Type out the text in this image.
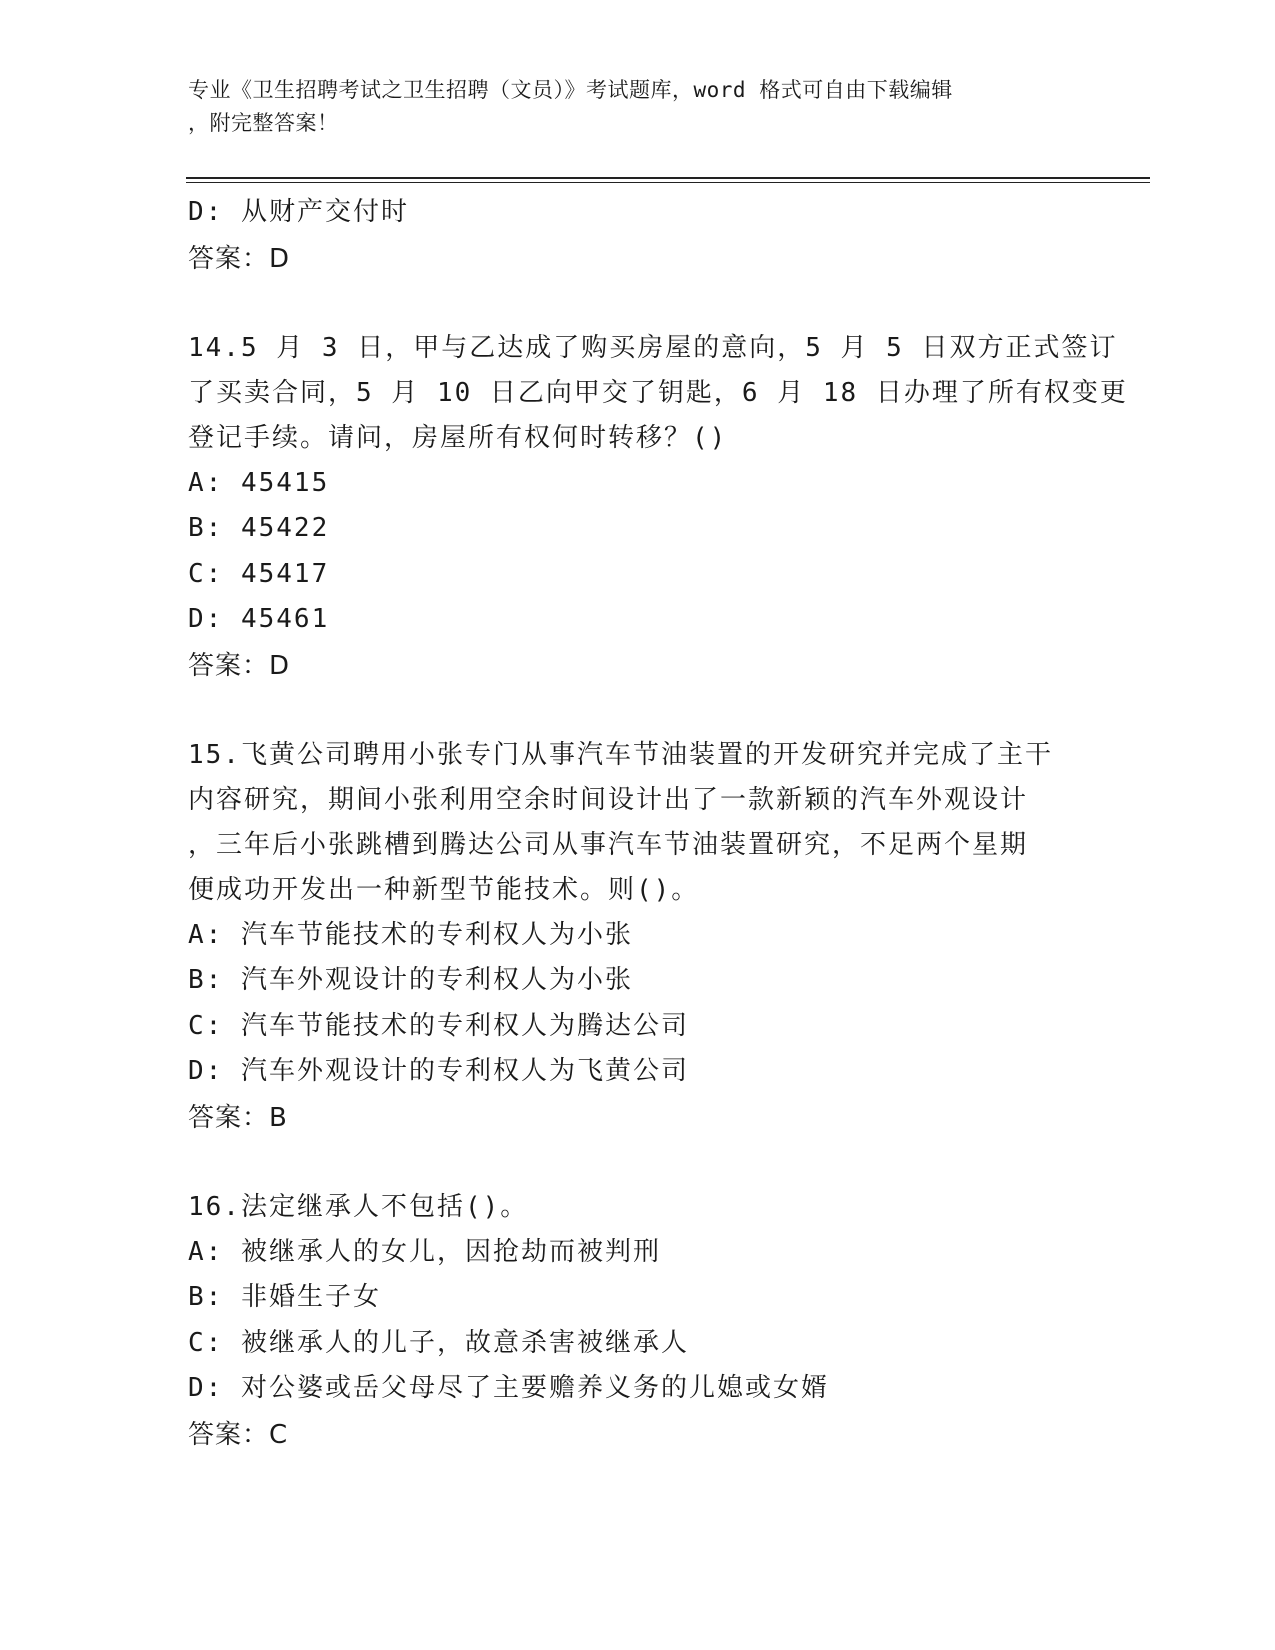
专业《卫生招聘考试之卫生招聘（文员）》考试题库，word 格式可自由下载编辑
，附完整答案！
D: 从财产交付时
答案：D
14.5 月 3 日，甲与乙达成了购买房屋的意向，5 月 5 日双方正式签订
了买卖合同，5 月 10 日乙向甲交了钥匙，6 月 18 日办理了所有权变更
登记手续。请问，房屋所有权何时转移？()
A: 45415
B: 45422
C: 45417
D: 45461
答案：D
15.飞黄公司聘用小张专门从事汽车节油装置的开发研究并完成了主干
内容研究，期间小张利用空余时间设计出了一款新颖的汽车外观设计
，三年后小张跳槽到腾达公司从事汽车节油装置研究，不足两个星期
便成功开发出一种新型节能技术。则()。
A: 汽车节能技术的专利权人为小张
B: 汽车外观设计的专利权人为小张
C: 汽车节能技术的专利权人为腾达公司
D: 汽车外观设计的专利权人为飞黄公司
答案：B
16.法定继承人不包括()。
A: 被继承人的女儿，因抢劫而被判刑
B: 非婚生子女
C: 被继承人的儿子，故意杀害被继承人
D: 对公婆或岳父母尽了主要赡养义务的儿媳或女婿
答案：C
